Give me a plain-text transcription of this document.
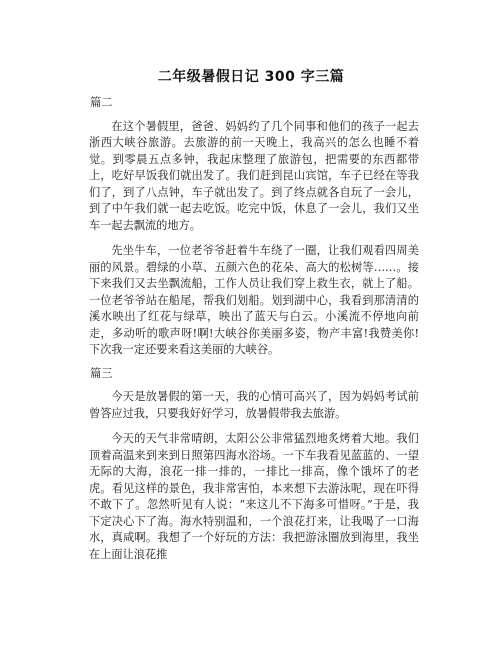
二年级暑假日记 300 字三篇

篇二

在这个暑假里，爸爸、妈妈约了几个同事和他们的孩子一起去浙西大峡谷旅游。去旅游的前一天晚上，我高兴的怎么也睡不着觉。到零晨五点多钟，我起床整理了旅游包，把需要的东西都带上，吃好早饭我们就出发了。我们赶到昆山宾馆，车子已经在等我们了，到了八点钟，车子就出发了。到了终点就各自玩了一会儿，到了中午我们就一起去吃饭。吃完中饭，休息了一会儿，我们又坐车一起去飘流的地方。

先坐牛车，一位老爷爷赶着牛车绕了一圈，让我们观看四周美丽的风景。碧绿的小草、五颜六色的花朵、高大的松树等……。接下来我们又去坐飘流船，工作人员让我们穿上救生衣，就上了船。一位老爷爷站在船尾，帮我们划船。划到湖中心，我看到那清清的溪水映出了红花与绿草，映出了蓝天与白云。小溪流不停地向前走，多动听的歌声呀!啊!大峡谷你美丽多姿，物产丰富!我赞美你!下次我一定还要来看这美丽的大峡谷。

篇三

今天是放暑假的第一天，我的心情可高兴了，因为妈妈考试前曾答应过我，只要我好好学习，放暑假带我去旅游。

今天的天气非常晴朗，太阳公公非常猛烈地炙烤着大地。我们顶着高温来到来到日照第四海水浴场。一下车我看见蓝蓝的、一望无际的大海，浪花一排一排的，一排比一排高，像个饿坏了的老虎。看见这样的景色，我非常害怕，本来想下去游泳呢，现在吓得不敢下了。忽然听见有人说：“来这儿不下海多可惜呀。”于是，我下定决心下了海。海水特别温和，一个浪花打来，让我喝了一口海水，真咸啊。我想了一个好玩的方法：我把游泳圈放到海里，我坐在上面让浪花推
